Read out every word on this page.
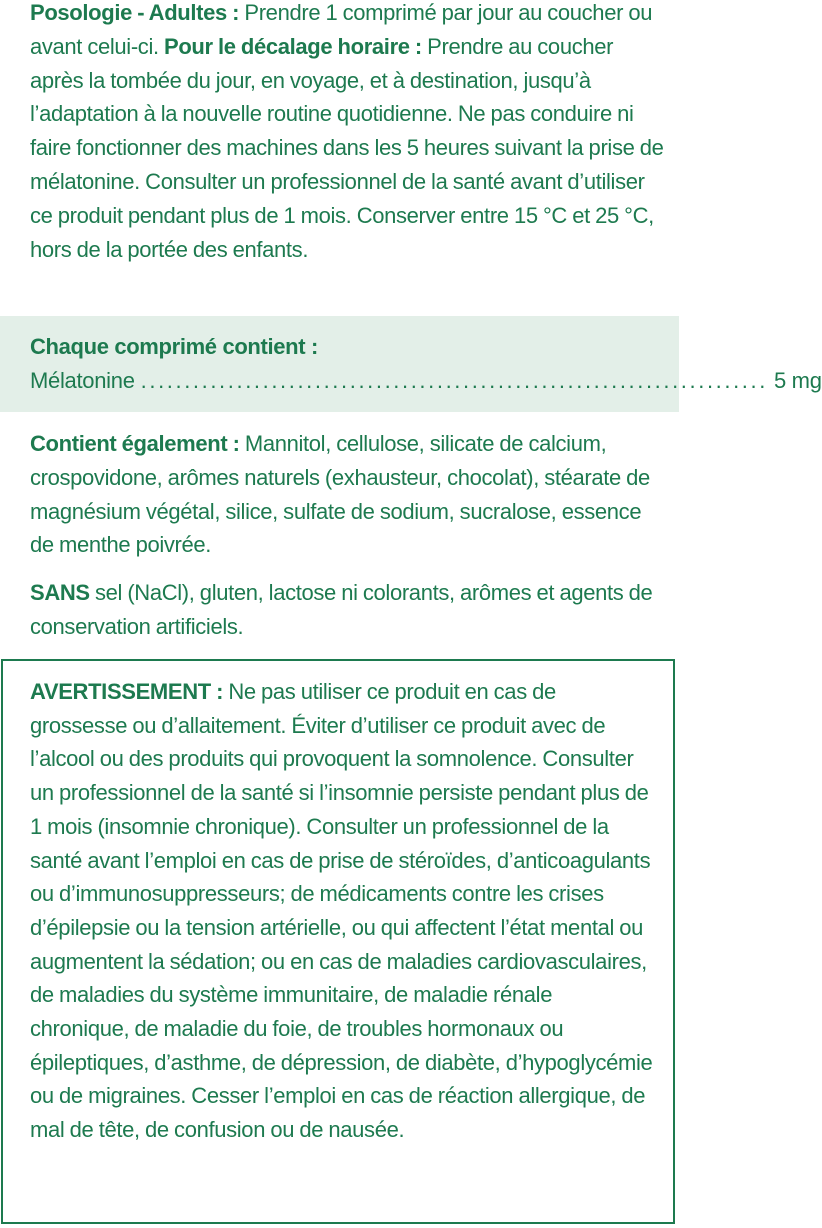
Posologie - Adultes : Prendre 1 comprimé par jour au coucher ou avant celui-ci. Pour le décalage horaire : Prendre au coucher après la tombée du jour, en voyage, et à destination, jusqu’à l’adaptation à la nouvelle routine quotidienne. Ne pas conduire ni faire fonctionner des machines dans les 5 heures suivant la prise de mélatonine. Consulter un professionnel de la santé avant d’utiliser ce produit pendant plus de 1 mois. Conserver entre 15 °C et 25 °C, hors de la portée des enfants.
Chaque comprimé contient :
Mélatonine ........................................................................ 5 mg
Contient également : Mannitol, cellulose, silicate de calcium, crospovidone, arômes naturels (exhausteur, chocolat), stéarate de magnésium végétal, silice, sulfate de sodium, sucralose, essence de menthe poivrée.
SANS sel (NaCl), gluten, lactose ni colorants, arômes et agents de conservation artificiels.
AVERTISSEMENT : Ne pas utiliser ce produit en cas de grossesse ou d’allaitement. Éviter d’utiliser ce produit avec de l’alcool ou des produits qui provoquent la somnolence. Consulter un professionnel de la santé si l’insomnie persiste pendant plus de 1 mois (insomnie chronique). Consulter un professionnel de la santé avant l’emploi en cas de prise de stéroïdes, d’anticoagulants ou d’immunosuppresseurs; de médicaments contre les crises d’épilepsie ou la tension artérielle, ou qui affectent l’état mental ou augmentent la sédation; ou en cas de maladies cardiovasculaires, de maladies du système immunitaire, de maladie rénale chronique, de maladie du foie, de troubles hormonaux ou épileptiques, d’asthme, de dépression, de diabète, d’hypoglycémie ou de migraines. Cesser l’emploi en cas de réaction allergique, de mal de tête, de confusion ou de nausée.
